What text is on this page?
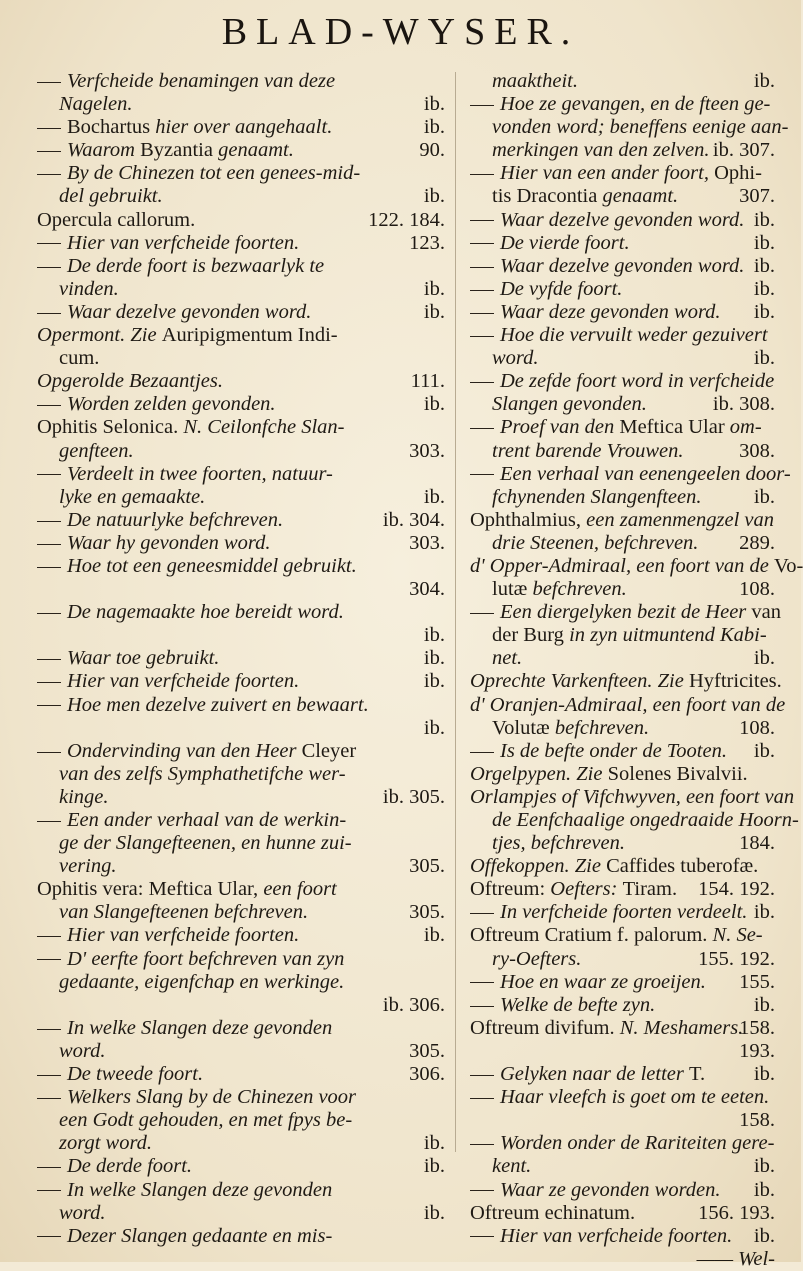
BLAD-WYSER.
Verfcheide benamingen van deze
Nagelen.	ib.
Bochartus hier over aangehaalt.	ib.
Waarom Byzantia genaamt.	90.
By de Chinezen tot een genees-mid-
del gebruikt.	ib.
Opercula callorum.	122. 184.
Hier van verfcheide foorten.	123.
De derde foort is bezwaarlyk te
vinden.	ib.
Waar dezelve gevonden word.	ib.
Opermont. Zie Auripigmentum Indi-
cum.
Opgerolde Bezaantjes.	111.
Worden zelden gevonden.	ib.
Ophitis Selonica. N. Ceilonfche Slan-
genfteen.	303.
Verdeelt in twee foorten, natuur-
lyke en gemaakte.	ib.
De natuurlyke befchreven.	ib. 304.
Waar hy gevonden word.	303.
Hoe tot een geneesmiddel gebruikt.
304.
De nagemaakte hoe bereidt word.
ib.
Waar toe gebruikt.	ib.
Hier van verfcheide foorten.	ib.
Hoe men dezelve zuivert en bewaart.
ib.
Ondervinding van den Heer Cleyer
van des zelfs Symphathetifche wer-
kinge.	ib. 305.
Een ander verhaal van de werkin-
ge der Slangefteenen, en hunne zui-
vering.	305.
Ophitis vera: Meftica Ular, een foort
van Slangefteenen befchreven.	305.
Hier van verfcheide foorten.	ib.
D' eerfte foort befchreven van zyn
gedaante, eigenfchap en werkinge.
ib. 306.
In welke Slangen deze gevonden
word.	305.
De tweede foort.	306.
Welkers Slang by de Chinezen voor
een Godt gehouden, en met fpys be-
zorgt word.	ib.
De derde foort.	ib.
In welke Slangen deze gevonden
word.	ib.
Dezer Slangen gedaante en mis-
maaktheit.	ib.
Hoe ze gevangen, en de fteen ge-
vonden word; beneffens eenige aan-
merkingen van den zelven. ib. 307.
Hier van een ander foort, Ophi-
tis Dracontia genaamt.	307.
Waar dezelve gevonden word. ib.
De vierde foort.	ib.
Waar dezelve gevonden word. ib.
De vyfde foort.	ib.
Waar deze gevonden word. ib.
Hoe die vervuilt weder gezuivert
word.	ib.
De zefde foort word in verfcheide
Slangen gevonden.	ib. 308.
Proef van den Meftica Ular om-
trent barende Vrouwen.	308.
Een verhaal van eenengeelen door-
fchynenden Slangenfteen.	ib.
Ophthalmius, een zamenmengzel van
drie Steenen, befchreven. 289.
d' Opper-Admiraal, een foort van de Vo-
lutæ befchreven.	108.
Een diergelyken bezit de Heer van
der Burg in zyn uitmuntend Kabi-
net.	ib.
Oprechte Varkenfteen. Zie Hyftricites.
d' Oranjen-Admiraal, een foort van de
Volutæ befchreven.	108.
Is de befte onder de Tooten. ib.
Orgelpypen. Zie Solenes Bivalvii.
Orlampjes of Vifchwyven, een foort van
de Eenfchaalige ongedraaide Hoorn-
tjes, befchreven.	184.
Offekoppen. Zie Caffides tuberofæ.
Oftreum: Oefters: Tiram. 154. 192.
In verfcheide foorten verdeelt. ib.
Oftreum Cratium f. palorum. N. Se-
ry-Oefters.	155. 192.
Hoe en waar ze groeijen. 155.
Welke de befte zyn.	ib.
Oftreum divifum. N. Meshamers.
158.
193.
Gelyken naar de letter T. ib.
Haar vleefch is goet om te eeten.
158.
Worden onder de Rariteiten gere-
kent.	ib.
Waar ze gevonden worden. ib.
Oftreum echinatum.	156. 193.
Hier van verfcheide foorten. ib.
—— Wel-
